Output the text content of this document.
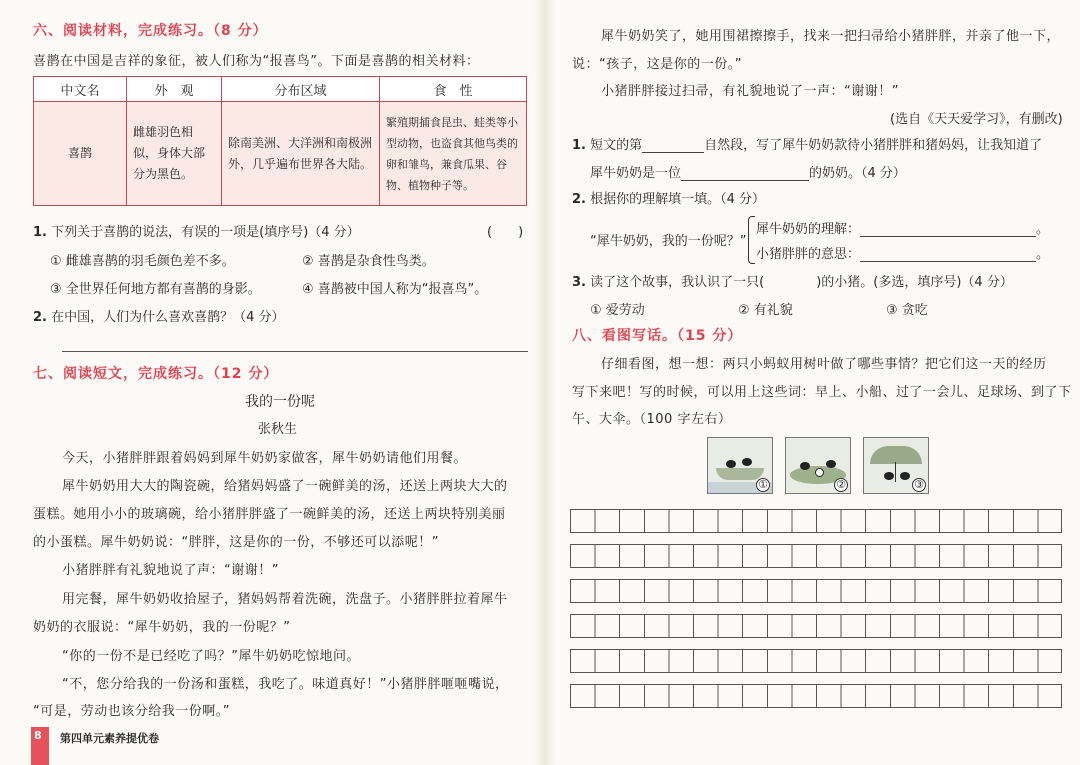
六、阅读材料，完成练习。（8 分）
喜鹊在中国是吉祥的象征，被人们称为“报喜鸟”。下面是喜鹊的相关材料：
中文名	外　观	分布区域	食　性
喜鹊	雌雄羽色相似，身体大部分为黑色。	除南美洲、大洋洲和南极洲外，几乎遍布世界各大陆。	繁殖期捕食昆虫、蛙类等小型动物，也盗食其他鸟类的卵和雏鸟，兼食瓜果、谷物、植物种子等。
1. 下列关于喜鹊的说法，有误的一项是(填序号)（4 分）	(　　)
① 雌雄喜鹊的羽毛颜色差不多。	② 喜鹊是杂食性鸟类。
③ 全世界任何地方都有喜鹊的身影。	④ 喜鹊被中国人称为“报喜鸟”。
2. 在中国，人们为什么喜欢喜鹊？（4 分）
七、阅读短文，完成练习。（12 分）
我的一份呢
张秋生
今天，小猪胖胖跟着妈妈到犀牛奶奶家做客，犀牛奶奶请他们用餐。
犀牛奶奶用大大的陶瓷碗，给猪妈妈盛了一碗鲜美的汤，还送上两块大大的
蛋糕。她用小小的玻璃碗，给小猪胖胖盛了一碗鲜美的汤，还送上两块特别美丽
的小蛋糕。犀牛奶奶说：“胖胖，这是你的一份，不够还可以添呢！”
小猪胖胖有礼貌地说了声：“谢谢！”
用完餐，犀牛奶奶收拾屋子，猪妈妈帮着洗碗，洗盘子。小猪胖胖拉着犀牛
奶奶的衣服说：“犀牛奶奶，我的一份呢？”
“你的一份不是已经吃了吗？”犀牛奶奶吃惊地问。
“不，您分给我的一份汤和蛋糕，我吃了。味道真好！”小猪胖胖咂咂嘴说，
“可是，劳动也该分给我一份啊。”
8 第四单元素养提优卷
犀牛奶奶笑了，她用围裙擦擦手，找来一把扫帚给小猪胖胖，并亲了他一下，
说：“孩子，这是你的一份。”
小猪胖胖接过扫帚，有礼貌地说了一声：“谢谢！”
(选自《天天爱学习》，有删改)
1. 短文的第	自然段，写了犀牛奶奶款待小猪胖胖和猪妈妈，让我知道了
犀牛奶奶是一位	的奶奶。（4 分）
2. 根据你的理解填一填。（4 分）
“犀牛奶奶，我的一份呢？”
犀牛奶奶的理解：	。
小猪胖胖的意思：	。
3. 读了这个故事，我认识了一只(　　　　)的小猪。(多选，填序号)（4 分）
① 爱劳动	② 有礼貌	③ 贪吃
八、看图写话。（15 分）
仔细看图，想一想：两只小蚂蚁用树叶做了哪些事情？把它们这一天的经历
写下来吧！写的时候，可以用上这些词：早上、小船、过了一会儿、足球场、到了下
午、大伞。（100 字左右）
①	②	③
